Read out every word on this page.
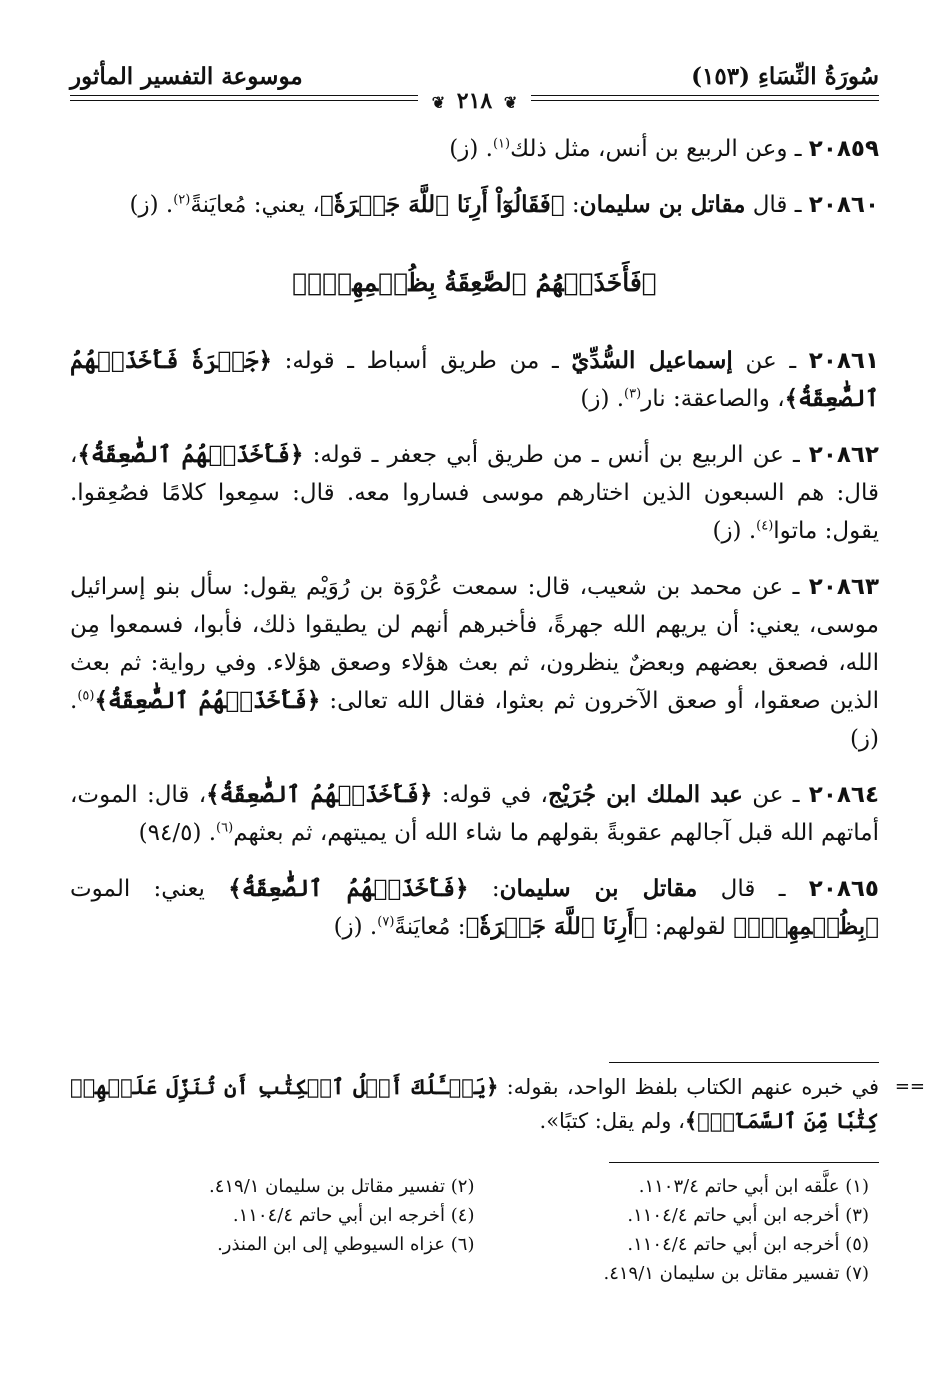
سُورَةُ النِّسَاءِ (١٥٣)
موسوعة التفسير المأثور
❦ ٢١٨ ❦

٢٠٨٥٩ ـ وعن الربيع بن أنس، مثل ذلك$^{(١)}$. (ز)

٢٠٨٦٠ ـ قال مقاتل بن سليمان: ﴿فَقَالُوٓاْ أَرِنَا ٱللَّهَ جَهۡرَةٗ﴾، يعني: مُعايَنةً$^{(٢)}$. (ز)

﴿فَأَخَذَتۡهُمُ ٱلصَّٰعِقَةُ بِظُلۡمِهِمۡۚ﴾

٢٠٨٦١ ـ عن إسماعيل السُّدِّيّ ـ من طريق أسباط ـ قوله: ﴿جَهۡرَةٗ فَأَخَذَتۡهُمُ ٱلصَّٰعِقَةُ﴾، والصاعقة: نار$^{(٣)}$. (ز)

٢٠٨٦٢ ـ عن الربيع بن أنس ـ من طريق أبي جعفر ـ قوله: ﴿فَأَخَذَتۡهُمُ ٱلصَّٰعِقَةُ﴾، قال: هم السبعون الذين اختارهم موسى فساروا معه. قال: سمِعوا كلامًا فصُعِقوا. يقول: ماتوا$^{(٤)}$. (ز)

٢٠٨٦٣ ـ عن محمد بن شعيب، قال: سمعت عُرْوَة بن رُوَيْم يقول: سأل بنو إسرائيل موسى، يعني: أن يريهم الله جهرةً، فأخبرهم أنهم لن يطيقوا ذلك، فأبوا، فسمعوا مِن الله، فصعق بعضهم وبعضٌ ينظرون، ثم بعث هؤلاء وصعق هؤلاء. وفي رواية: ثم بعث الذين صعقوا، أو صعق الآخرون ثم بعثوا، فقال الله تعالى: ﴿فَأَخَذَتۡهُمُ ٱلصَّٰعِقَةُ﴾$^{(٥)}$. (ز)

٢٠٨٦٤ ـ عن عبد الملك ابن جُرَيْج، في قوله: ﴿فَأَخَذَتۡهُمُ ٱلصَّٰعِقَةُ﴾، قال: الموت، أماتهم الله قبل آجالهم عقوبةً بقولهم ما شاء الله أن يميتهم، ثم بعثهم$^{(٦)}$. (٩٤/٥)

٢٠٨٦٥ ـ قال مقاتل بن سليمان: ﴿فَأَخَذَتۡهُمُ ٱلصَّٰعِقَةُ﴾ يعني: الموت ﴿بِظُلۡمِهِمۡۚ﴾ لقولهم: ﴿أَرِنَا ٱللَّهَ جَهۡرَةٗ﴾: مُعايَنةً$^{(٧)}$. (ز)

==
في خبره عنهم الكتاب بلفظ الواحد، بقوله: ﴿يَسۡـَٔلُكَ أَهۡلُ ٱلۡكِتَٰبِ أَن تُنَزِّلَ عَلَيۡهِمۡ كِتَٰبٗا مِّنَ ٱلسَّمَآءِۚ﴾، ولم يقل: كتبًا».
(١) علَّقه ابن أبي حاتم ١١٠٣/٤.
(٢) تفسير مقاتل بن سليمان ٤١٩/١.
(٣) أخرجه ابن أبي حاتم ١١٠٤/٤.
(٤) أخرجه ابن أبي حاتم ١١٠٤/٤.
(٥) أخرجه ابن أبي حاتم ١١٠٤/٤.
(٦) عزاه السيوطي إلى ابن المنذر.
(٧) تفسير مقاتل بن سليمان ٤١٩/١.
